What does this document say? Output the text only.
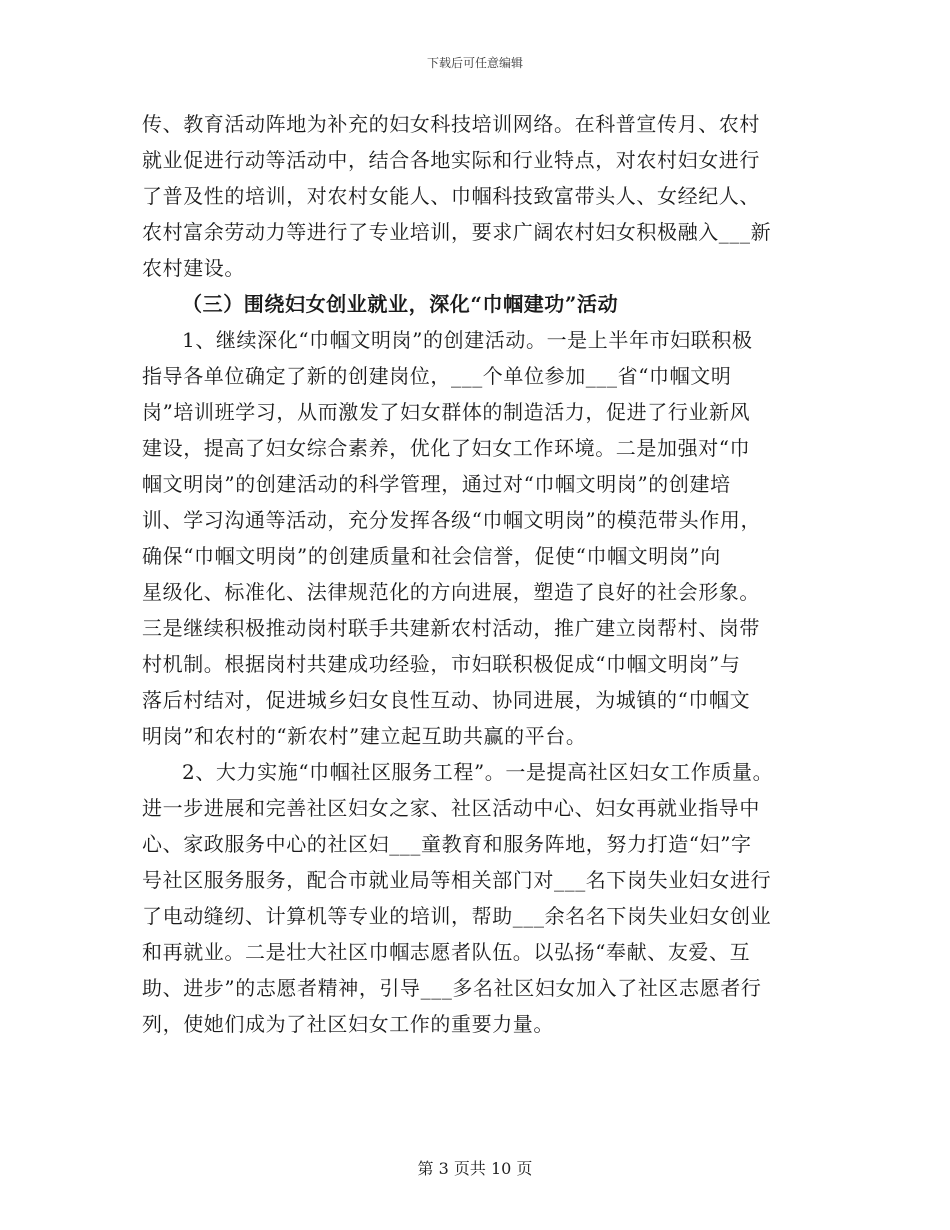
下载后可任意编辑
传、教育活动阵地为补充的妇女科技培训网络。在科普宣传月、农村
就业促进行动等活动中，结合各地实际和行业特点，对农村妇女进行
了普及性的培训，对农村女能人、巾帼科技致富带头人、女经纪人、
农村富余劳动力等进行了专业培训，要求广阔农村妇女积极融入___新
农村建设。
（三）围绕妇女创业就业，深化“巾帼建功”活动
1、继续深化“巾帼文明岗”的创建活动。一是上半年市妇联积极
指导各单位确定了新的创建岗位，___个单位参加___省“巾帼文明
岗”培训班学习，从而激发了妇女群体的制造活力，促进了行业新风
建设，提高了妇女综合素养，优化了妇女工作环境。二是加强对“巾
帼文明岗”的创建活动的科学管理，通过对“巾帼文明岗”的创建培
训、学习沟通等活动，充分发挥各级“巾帼文明岗”的模范带头作用，
确保“巾帼文明岗”的创建质量和社会信誉，促使“巾帼文明岗”向
星级化、标准化、法律规范化的方向进展，塑造了良好的社会形象。
三是继续积极推动岗村联手共建新农村活动，推广建立岗帮村、岗带
村机制。根据岗村共建成功经验，市妇联积极促成“巾帼文明岗”与
落后村结对，促进城乡妇女良性互动、协同进展，为城镇的“巾帼文
明岗”和农村的“新农村”建立起互助共赢的平台。
2、大力实施“巾帼社区服务工程”。一是提高社区妇女工作质量。
进一步进展和完善社区妇女之家、社区活动中心、妇女再就业指导中
心、家政服务中心的社区妇___童教育和服务阵地，努力打造“妇”字
号社区服务服务，配合市就业局等相关部门对___名下岗失业妇女进行
了电动缝纫、计算机等专业的培训，帮助___余名名下岗失业妇女创业
和再就业。二是壮大社区巾帼志愿者队伍。以弘扬“奉献、友爱、互
助、进步”的志愿者精神，引导___多名社区妇女加入了社区志愿者行
列，使她们成为了社区妇女工作的重要力量。
第 3 页共 10 页
